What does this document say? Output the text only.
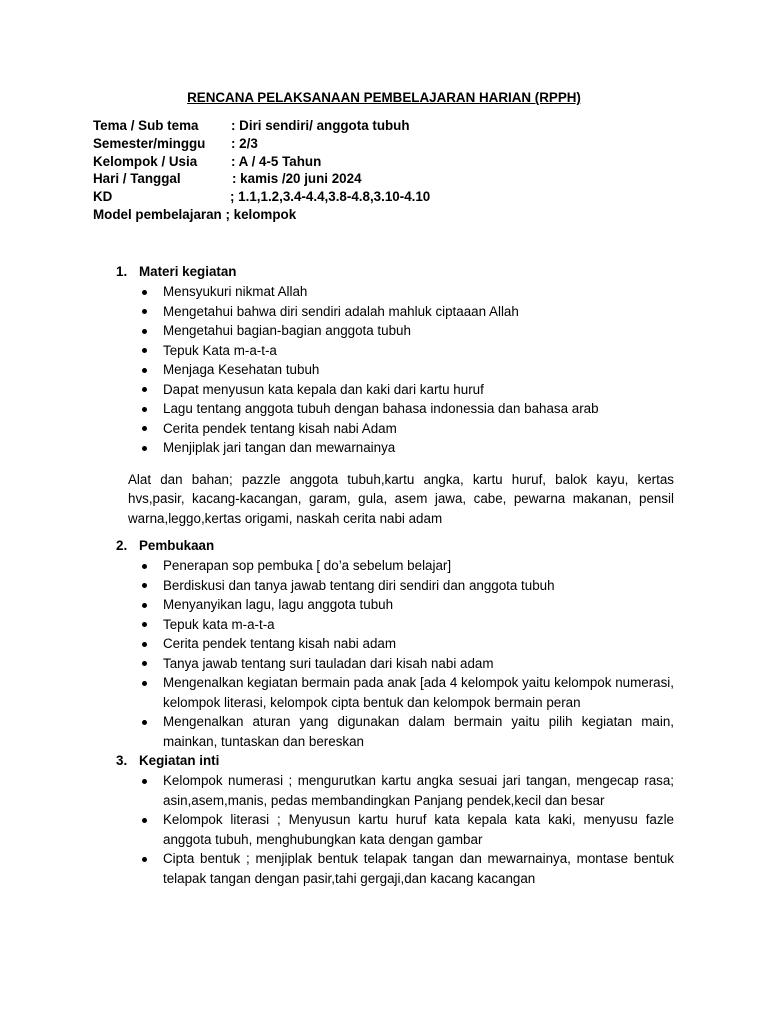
RENCANA PELAKSANAAN PEMBELAJARAN HARIAN (RPPH)
Tema / Sub tema : Diri sendiri/ anggota tubuh
Semester/minggu : 2/3
Kelompok / Usia	: A / 4-5 Tahun
Hari / Tanggal	: kamis /20 juni 2024
KD	; 1.1,1.2,3.4-4.4,3.8-4.8,3.10-4.10
Model pembelajaran ; kelompok
1. Materi kegiatan
Mensyukuri nikmat Allah
Mengetahui bahwa diri sendiri adalah mahluk ciptaaan Allah
Mengetahui bagian-bagian anggota tubuh
Tepuk Kata m-a-t-a
Menjaga Kesehatan tubuh
Dapat menyusun kata kepala dan kaki dari kartu huruf
Lagu tentang anggota tubuh dengan bahasa indonessia dan bahasa arab
Cerita pendek tentang kisah nabi Adam
Menjiplak jari tangan dan mewarnainya
Alat dan bahan; pazzle anggota tubuh,kartu angka, kartu huruf, balok kayu, kertas hvs,pasir, kacang-kacangan, garam, gula, asem jawa, cabe, pewarna makanan, pensil warna,leggo,kertas origami, naskah cerita nabi adam
2. Pembukaan
Penerapan sop pembuka [ do’a sebelum belajar]
Berdiskusi dan tanya jawab tentang diri sendiri dan anggota tubuh
Menyanyikan lagu, lagu anggota tubuh
Tepuk kata m-a-t-a
Cerita pendek tentang kisah nabi adam
Tanya jawab tentang suri tauladan dari kisah nabi adam
Mengenalkan kegiatan bermain pada anak [ada 4 kelompok yaitu kelompok numerasi, kelompok literasi, kelompok cipta bentuk dan kelompok bermain peran
Mengenalkan aturan yang digunakan dalam bermain yaitu pilih kegiatan main, mainkan, tuntaskan dan bereskan
3. Kegiatan inti
Kelompok numerasi ; mengurutkan kartu angka sesuai jari tangan, mengecap rasa; asin,asem,manis, pedas membandingkan Panjang pendek,kecil dan besar
Kelompok literasi ; Menyusun kartu huruf kata kepala kata kaki, menyusu fazle anggota tubuh, menghubungkan kata dengan gambar
Cipta bentuk ; menjiplak bentuk telapak tangan dan mewarnainya, montase bentuk telapak tangan dengan pasir,tahi gergaji,dan kacang kacangan
